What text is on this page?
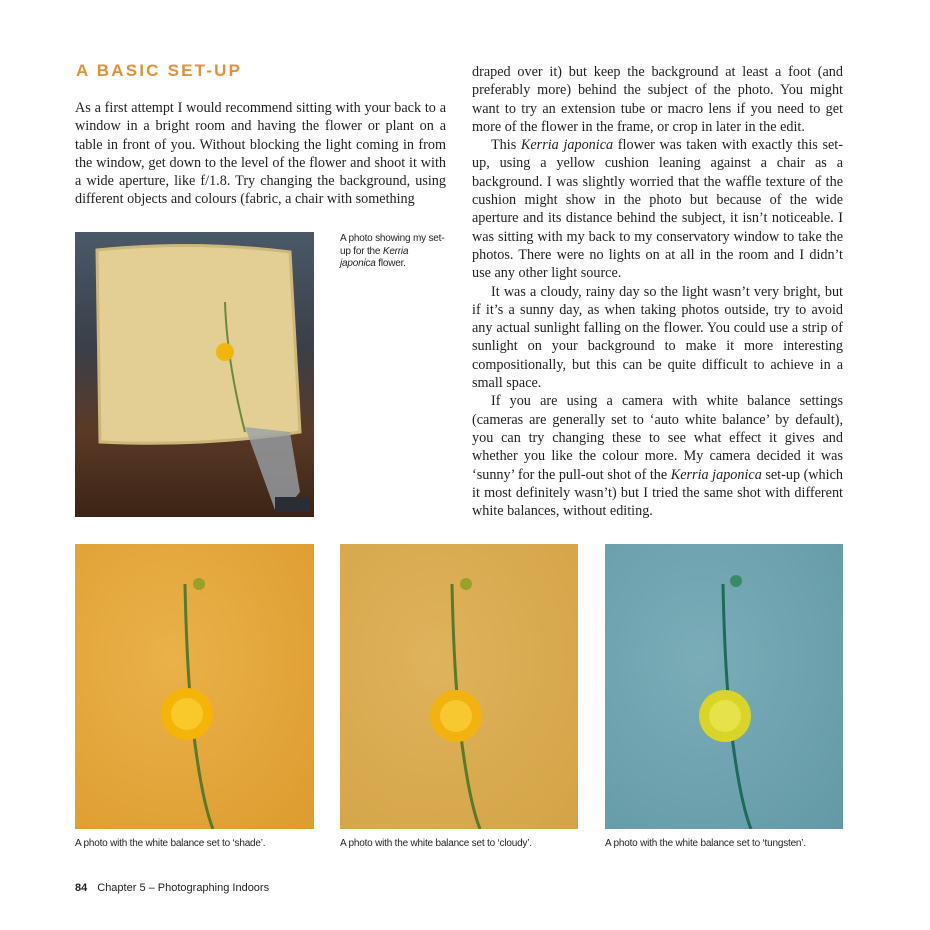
A BASIC SET-UP

As a first attempt I would recommend sitting with your back to a window in a bright room and having the flower or plant on a table in front of you. Without blocking the light coming in from the window, get down to the level of the flower and shoot it with a wide aperture, like f/1.8. Try changing the background, using different objects and colours (fabric, a chair with something

draped over it) but keep the background at least a foot (and preferably more) behind the subject of the photo. You might want to try an extension tube or macro lens if you need to get more of the flower in the frame, or crop in later in the edit.

This Kerria japonica flower was taken with exactly this set-up, using a yellow cushion leaning against a chair as a background. I was slightly worried that the waffle texture of the cushion might show in the photo but because of the wide aperture and its distance behind the subject, it isn’t noticeable. I was sitting with my back to my conservatory window to take the photos. There were no lights on at all in the room and I didn’t use any other light source.

It was a cloudy, rainy day so the light wasn’t very bright, but if it’s a sunny day, as when taking photos outside, try to avoid any actual sunlight falling on the flower. You could use a strip of sunlight on your background to make it more interesting compositionally, but this can be quite difficult to achieve in a small space.

If you are using a camera with white balance settings (cameras are generally set to ‘auto white balance’ by default), you can try changing these to see what effect it gives and whether you like the colour more. My camera decided it was ‘sunny’ for the pull-out shot of the Kerria japonica set-up (which it most definitely wasn’t) but I tried the same shot with different white balances, without editing.

A photo showing my set-up for the Kerria japonica flower.
A photo with the white balance set to ‘shade’.	A photo with the white balance set to ‘cloudy’.	A photo with the white balance set to ‘tungsten’.
84 Chapter 5 – Photographing Indoors
